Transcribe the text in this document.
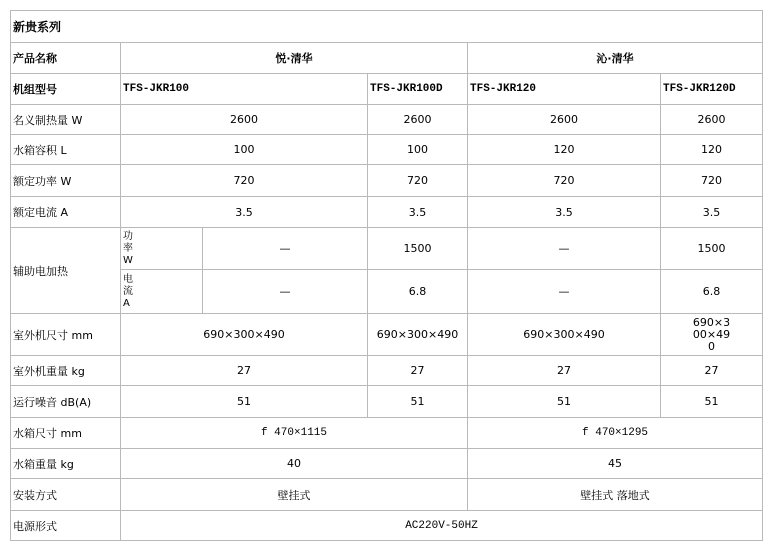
新贵系列					
产品名称	悦·清华			沁·清华	
机组型号	TFS-JKR100		TFS-JKR100D	TFS-JKR120	TFS-JKR120D
名义制热量 W	2600		2600	2600	2600
水箱容积 L	100		100	120	120
额定功率 W	720		720	720	720
额定电流 A	3.5		3.5	3.5	3.5
辅助电加热	功率W	—	1500	—	1500

	电流A	—	6.8	—	6.8
室外机尺寸 mm	690×300×490		690×300×490	690×300×490	690×300×490

室外机重量 kg	27		27	27	27
运行噪音 dB(A)	51		51	51	51
水箱尺寸 mm	f 470×1115			f 470×1295	
水箱重量 kg	40			45	
安装方式	壁挂式			壁挂式 落地式	
电源形式	AC220V-50HZ				
